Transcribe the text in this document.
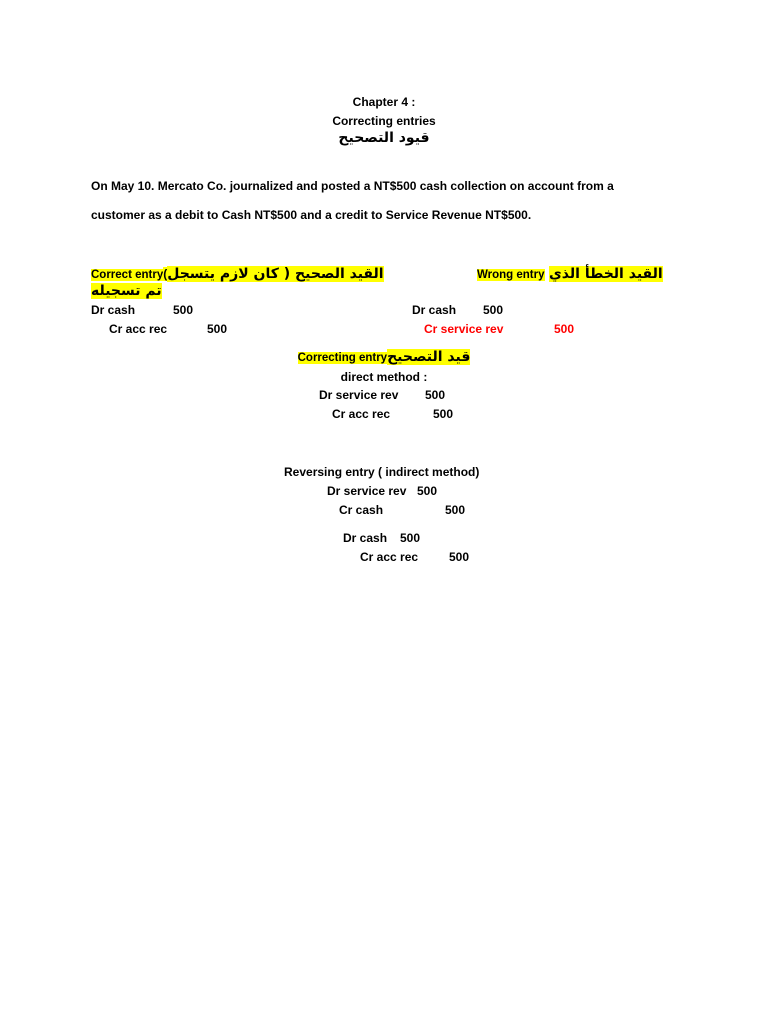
Chapter 4 :
Correcting entries
قيود التصحيح
On May 10. Mercato Co. journalized and posted a NT$500 cash collection on account from a
customer as a debit to Cash NT$500 and a credit to Service Revenue NT$500.
Correct entry(القيد الصحيح ( كان لازم يتسجل
تم تسجيله
Wrong entry القيد الخطأ الذي
Dr cash	500
Cr acc rec	500
Dr cash 500
Cr service rev	500
Correcting entryقيد التصحيح
direct method :
Dr service rev 500
Cr acc rec	500
Reversing entry ( indirect method)
Dr service rev 500
Cr cash	500
Dr cash 500
Cr acc rec	500
